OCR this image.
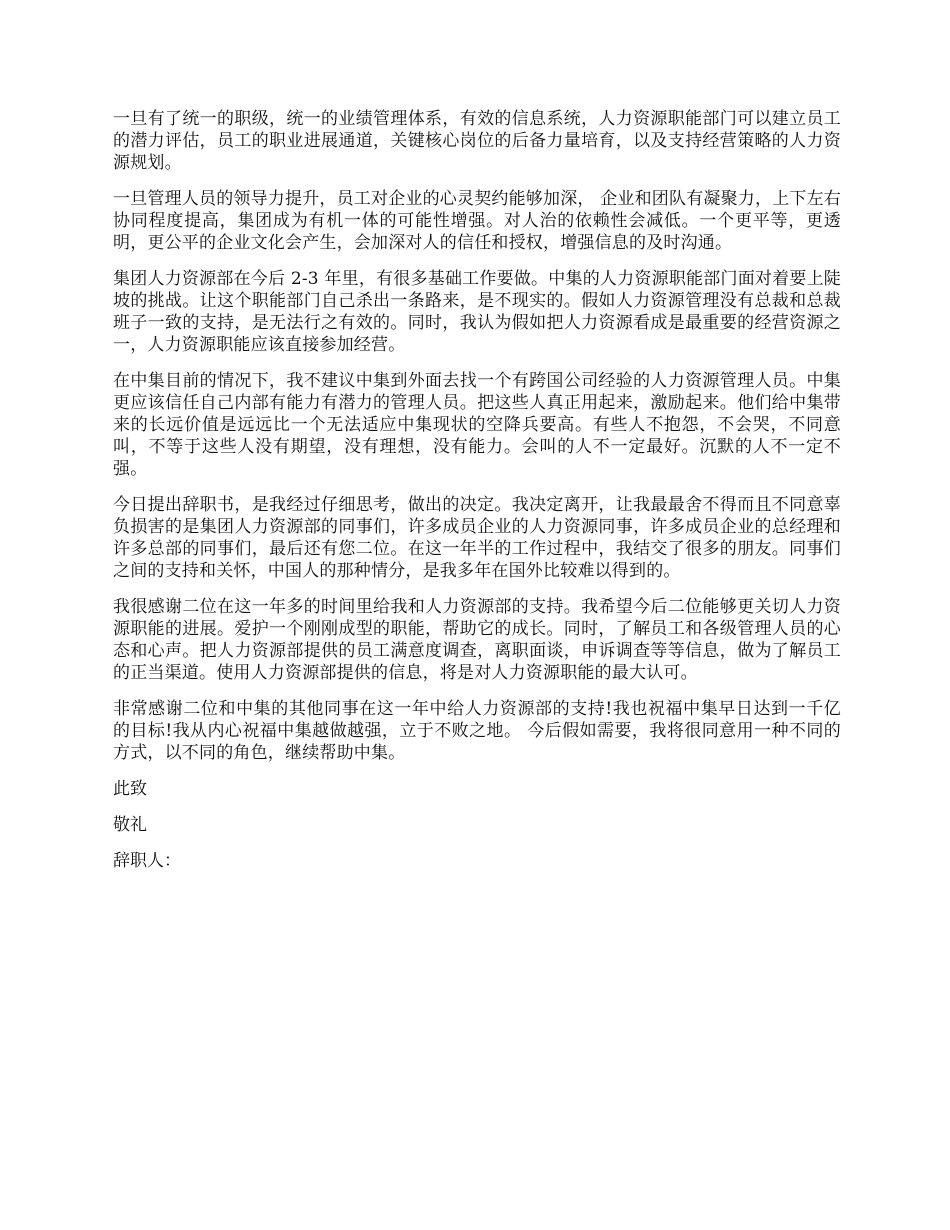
一旦有了统一的职级，统一的业绩管理体系，有效的信息系统，人力资源职能部门可以建立员工的潜力评估，员工的职业进展通道，关键核心岗位的后备力量培育，以及支持经营策略的人力资源规划。

一旦管理人员的领导力提升，员工对企业的心灵契约能够加深， 企业和团队有凝聚力，上下左右协同程度提高，集团成为有机一体的可能性增强。对人治的依赖性会减低。一个更平等，更透明，更公平的企业文化会产生，会加深对人的信任和授权，增强信息的及时沟通。

集团人力资源部在今后 2-3 年里，有很多基础工作要做。中集的人力资源职能部门面对着要上陡坡的挑战。让这个职能部门自己杀出一条路来，是不现实的。假如人力资源管理没有总裁和总裁班子一致的支持，是无法行之有效的。同时，我认为假如把人力资源看成是最重要的经营资源之一，人力资源职能应该直接参加经营。

在中集目前的情况下，我不建议中集到外面去找一个有跨国公司经验的人力资源管理人员。中集更应该信任自己内部有能力有潜力的管理人员。把这些人真正用起来，激励起来。他们给中集带来的长远价值是远远比一个无法适应中集现状的空降兵要高。有些人不抱怨，不会哭，不同意叫，不等于这些人没有期望，没有理想，没有能力。会叫的人不一定最好。沉默的人不一定不强。

今日提出辞职书，是我经过仔细思考，做出的决定。我决定离开，让我最最舍不得而且不同意辜负损害的是集团人力资源部的同事们，许多成员企业的人力资源同事，许多成员企业的总经理和许多总部的同事们，最后还有您二位。在这一年半的工作过程中，我结交了很多的朋友。同事们之间的支持和关怀，中国人的那种情分，是我多年在国外比较难以得到的。

我很感谢二位在这一年多的时间里给我和人力资源部的支持。我希望今后二位能够更关切人力资源职能的进展。爱护一个刚刚成型的职能，帮助它的成长。同时，了解员工和各级管理人员的心态和心声。把人力资源部提供的员工满意度调查，离职面谈，申诉调查等等信息，做为了解员工的正当渠道。使用人力资源部提供的信息，将是对人力资源职能的最大认可。

非常感谢二位和中集的其他同事在这一年中给人力资源部的支持!我也祝福中集早日达到一千亿的目标!我从内心祝福中集越做越强，立于不败之地。 今后假如需要，我将很同意用一种不同的方式，以不同的角色，继续帮助中集。

此致

敬礼

辞职人：
